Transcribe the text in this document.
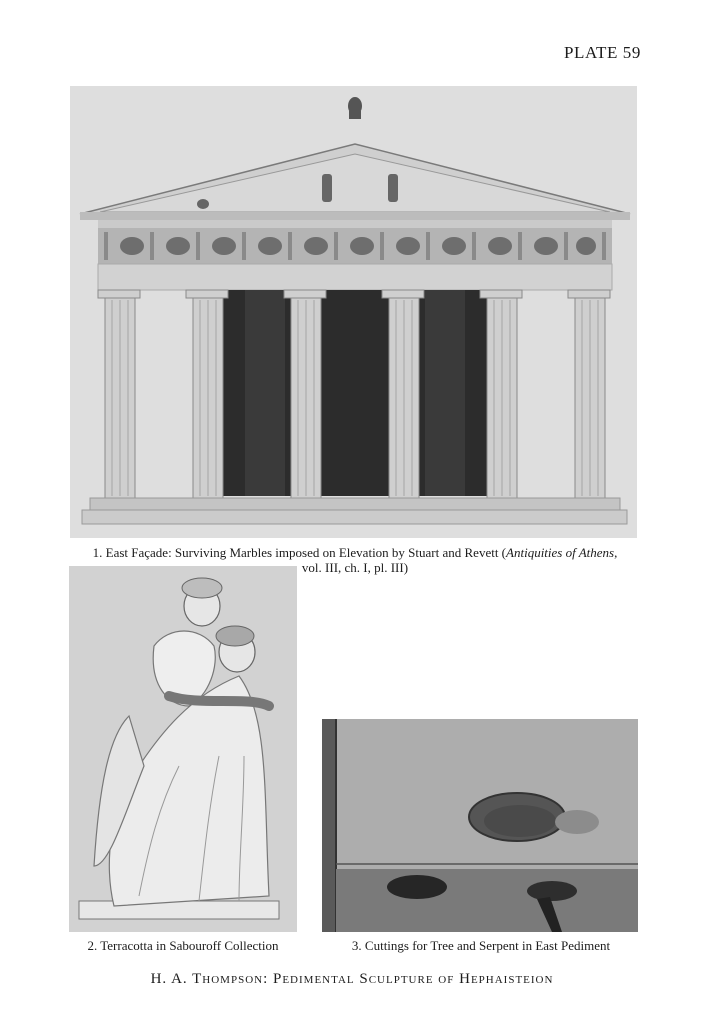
PLATE 59
1. East Façade: Surviving Marbles imposed on Elevation by Stuart and Revett (Antiquities of Athens,
vol. III, ch. I, pl. III)
2. Terracotta in Sabouroff Collection	3. Cuttings for Tree and Serpent in East Pediment
H. A. Thompson: Pedimental Sculpture of Hephaisteion
